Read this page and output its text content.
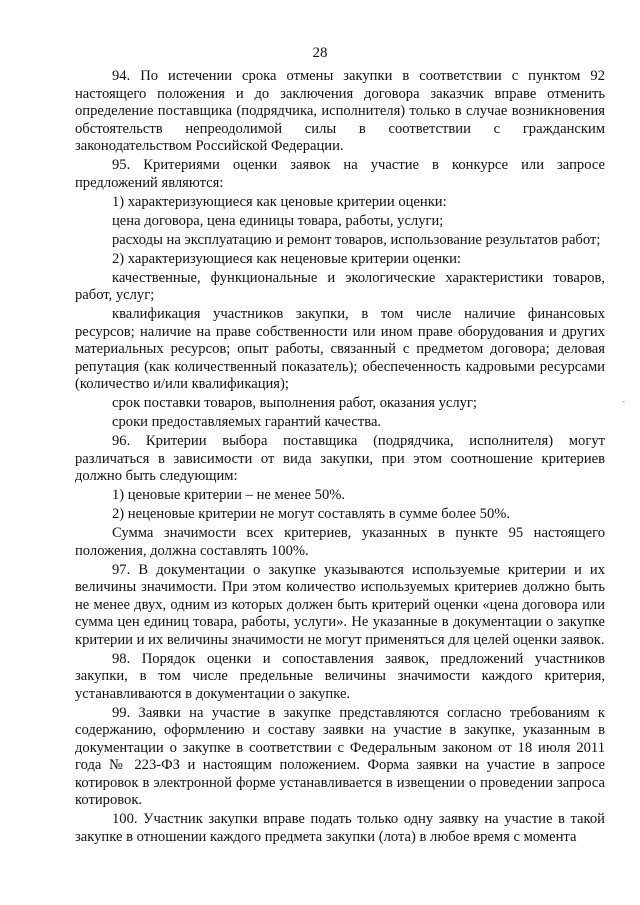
28

94. По истечении срока отмены закупки в соответствии с пунктом 92 настоящего положения и до заключения договора заказчик вправе отменить определение поставщика (подрядчика, исполнителя) только в случае возникновения обстоятельств непреодолимой силы в соответствии с гражданским законодательством Российской Федерации.

95. Критериями оценки заявок на участие в конкурсе или запросе предложений являются:

1) характеризующиеся как ценовые критерии оценки:

цена договора, цена единицы товара, работы, услуги;

расходы на эксплуатацию и ремонт товаров, использование результатов работ;

2) характеризующиеся как неценовые критерии оценки:

качественные, функциональные и экологические характеристики товаров, работ, услуг;

квалификация участников закупки, в том числе наличие финансовых ресурсов; наличие на праве собственности или ином праве оборудования и других материальных ресурсов; опыт работы, связанный с предметом договора; деловая репутация (как количественный показатель); обеспеченность кадровыми ресурсами (количество и/или квалификация);

срок поставки товаров, выполнения работ, оказания услуг;

сроки предоставляемых гарантий качества.

96. Критерии выбора поставщика (подрядчика, исполнителя) могут различаться в зависимости от вида закупки, при этом соотношение критериев должно быть следующим:

1) ценовые критерии – не менее 50%.

2) неценовые критерии не могут составлять в сумме более 50%.

Сумма значимости всех критериев, указанных в пункте 95 настоящего положения, должна составлять 100%.

97. В документации о закупке указываются используемые критерии и их величины значимости. При этом количество используемых критериев должно быть не менее двух, одним из которых должен быть критерий оценки «цена договора или сумма цен единиц товара, работы, услуги». Не указанные в документации о закупке критерии и их величины значимости не могут применяться для целей оценки заявок.

98. Порядок оценки и сопоставления заявок, предложений участников закупки, в том числе предельные величины значимости каждого критерия, устанавливаются в документации о закупке.

99. Заявки на участие в закупке представляются согласно требованиям к содержанию, оформлению и составу заявки на участие в закупке, указанным в документации о закупке в соответствии с Федеральным законом от 18 июля 2011 года № 223-ФЗ и настоящим положением. Форма заявки на участие в запросе котировок в электронной форме устанавливается в извещении о проведении запроса котировок.

100. Участник закупки вправе подать только одну заявку на участие в такой закупке в отношении каждого предмета закупки (лота) в любое время с момента

-
